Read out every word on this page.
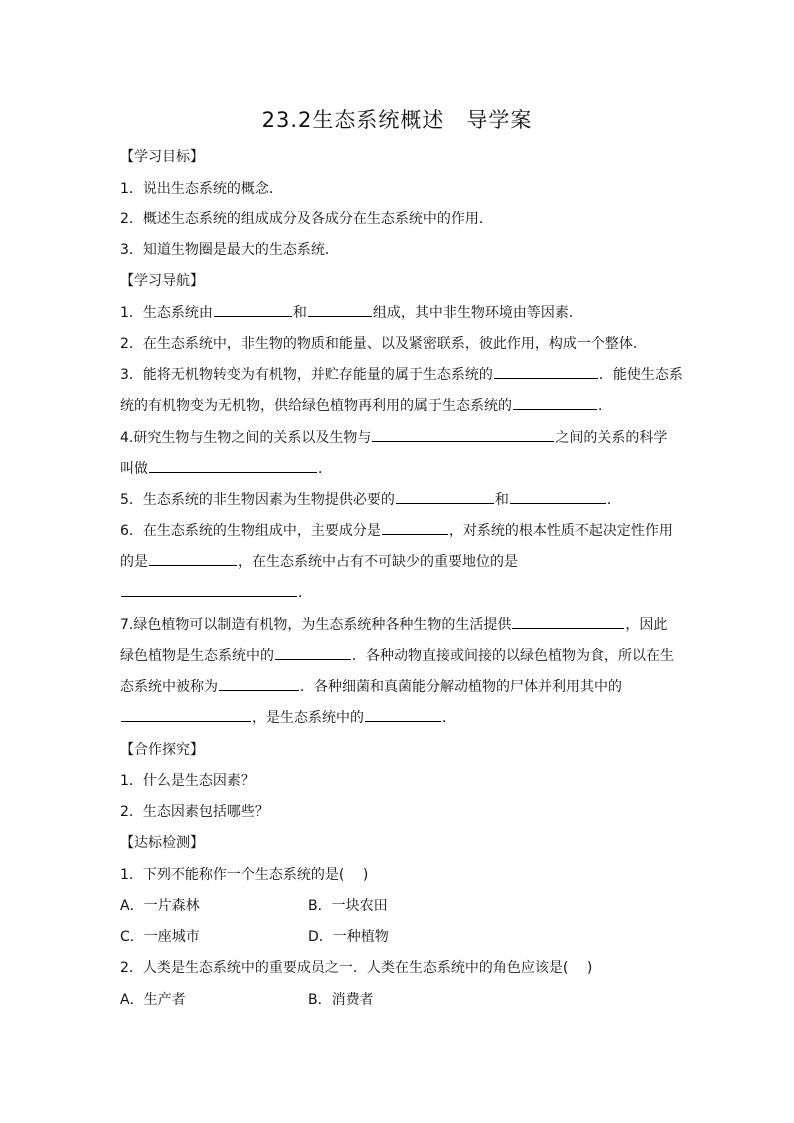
23.2生态系统概述　导学案
【学习目标】
1．说出生态系统的概念．
2．概述生态系统的组成成分及各成分在生态系统中的作用．
3．知道生物圈是最大的生态系统．
【学习导航】
1．生态系统由	和	组成，其中非生物环境由等因素．
2．在生态系统中，非生物的物质和能量、以及紧密联系，彼此作用，构成一个整体．
3．能将无机物转变为有机物，并贮存能量的属于生态系统的	．能使生态系
统的有机物变为无机物，供给绿色植物再利用的属于生态系统的	．
4.研究生物与生物之间的关系以及生物与	之间的关系的科学
叫做	．
5．生态系统的非生物因素为生物提供必要的	和	．
6．在生态系统的生物组成中，主要成分是	，对系统的根本性质不起决定性作用
的是	，在生态系统中占有不可缺少的重要地位的是
．
7.绿色植物可以制造有机物，为生态系统种各种生物的生活提供	，因此
绿色植物是生态系统中的	．各种动物直接或间接的以绿色植物为食，所以在生
态系统中被称为	．各种细菌和真菌能分解动植物的尸体并利用其中的
，是生态系统中的	．
【合作探究】
1．什么是生态因素？
2．生态因素包括哪些？
【达标检测】
1．下列不能称作一个生态系统的是(　 )
A．一片森林	B．一块农田
C．一座城市	D．一种植物
2．人类是生态系统中的重要成员之一．人类在生态系统中的角色应该是(　 )
A．生产者	B．消费者
